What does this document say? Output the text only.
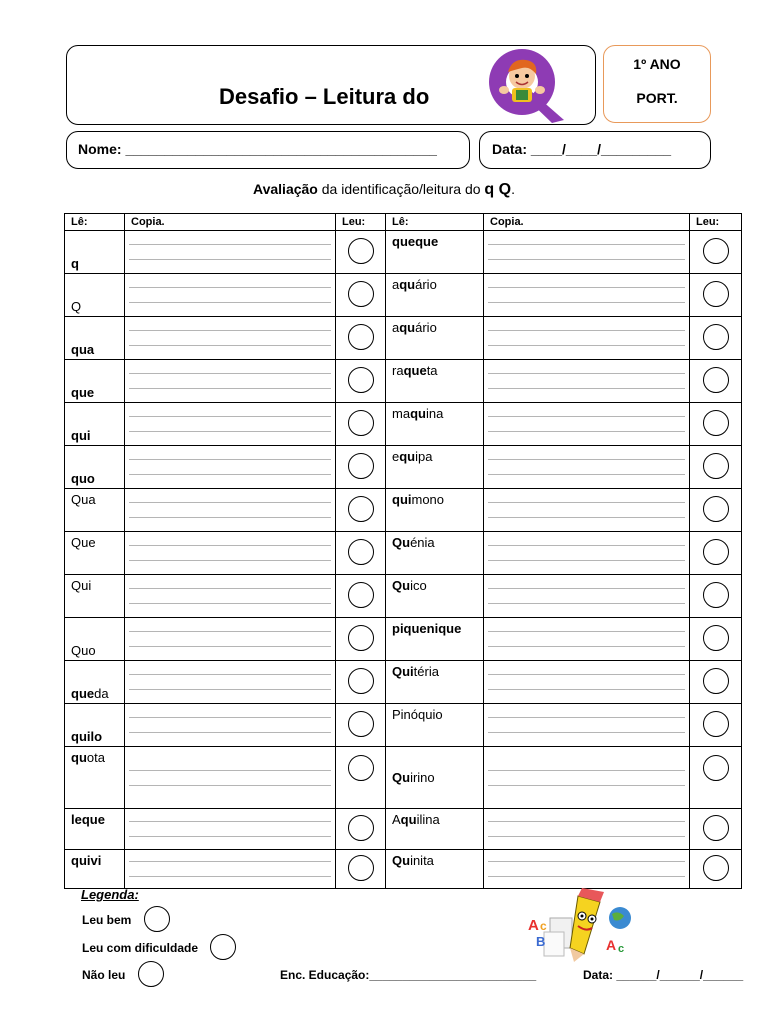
Desafio – Leitura do
1º ANO
PORT.
Nome: ________________________________________	Data: ____/____/_________
Avaliação da identificação/leitura do q Q.
Lê:	Copia.	Leu:	Lê:	Copia.	Leu:
q			queque	

Q			aquário	

qua			aquário	

que			raqueta	

qui			maquina	

quo			equipa	

Qua			quimono	

Que			Quénia	

Qui			Quico	

Quo			piquenique	

queda			Quitéria	

quilo			Pinóquio	

quota			Quirino	

leque			Aquilina	

quivi			Quinita	

Legenda:
Leu bem
Leu com dificuldade
Não leu
A c
B	A c
Enc. Educação:_________________________	Data: ______/______/______
